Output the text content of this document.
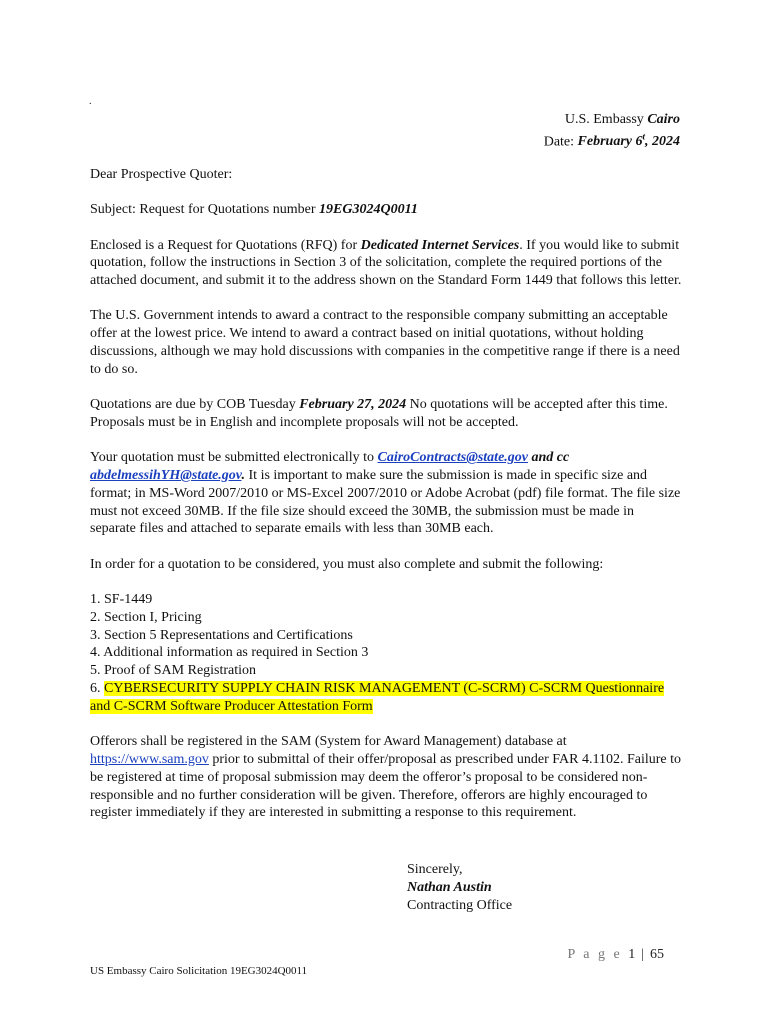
.
U.S. Embassy Cairo
Date: February 6$^t$, 2024

Dear Prospective Quoter:

Subject: Request for Quotations number 19EG3024Q0011

Enclosed is a Request for Quotations (RFQ) for Dedicated Internet Services. If you would like to submit quotation, follow the instructions in Section 3 of the solicitation, complete the required portions of the attached document, and submit it to the address shown on the Standard Form 1449 that follows this letter.

The U.S. Government intends to award a contract to the responsible company submitting an acceptable offer at the lowest price. We intend to award a contract based on initial quotations, without holding discussions, although we may hold discussions with companies in the competitive range if there is a need to do so.

Quotations are due by COB Tuesday February 27, 2024 No quotations will be accepted after this time. Proposals must be in English and incomplete proposals will not be accepted.

Your quotation must be submitted electronically to CairoContracts@state.gov and cc abdelmessihYH@state.gov. It is important to make sure the submission is made in specific size and format; in MS-Word 2007/2010 or MS-Excel 2007/2010 or Adobe Acrobat (pdf) file format. The file size must not exceed 30MB. If the file size should exceed the 30MB, the submission must be made in separate files and attached to separate emails with less than 30MB each.

In order for a quotation to be considered, you must also complete and submit the following:

1. SF-1449
2. Section I, Pricing
3. Section 5 Representations and Certifications
4. Additional information as required in Section 3
5. Proof of SAM Registration
6. CYBERSECURITY SUPPLY CHAIN RISK MANAGEMENT (C-SCRM) C-SCRM Questionnaire and C-SCRM Software Producer Attestation Form

Offerors shall be registered in the SAM (System for Award Management) database at https://www.sam.gov prior to submittal of their offer/proposal as prescribed under FAR 4.1102. Failure to be registered at time of proposal submission may deem the offeror’s proposal to be considered non-responsible and no further consideration will be given. Therefore, offerors are highly encouraged to register immediately if they are interested in submitting a response to this requirement.

Sincerely,
Nathan Austin
Contracting Office
P a g e 1 | 65
US Embassy Cairo Solicitation 19EG3024Q0011
